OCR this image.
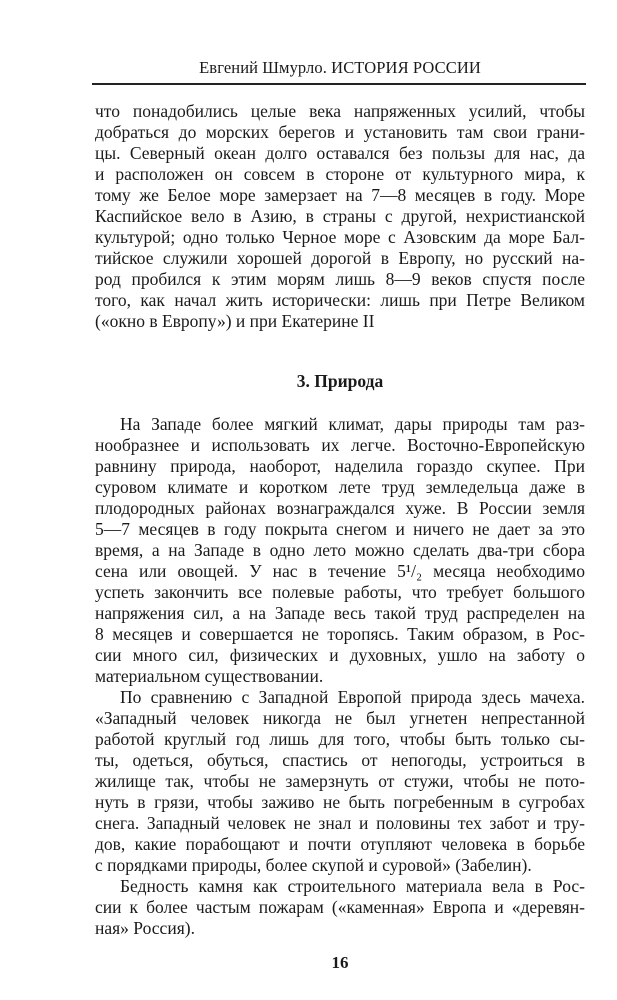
Евгений Шмурло. ИСТОРИЯ РОССИИ
что понадобились целые века напряженных усилий, чтобы
добраться до морских берегов и установить там свои грани-
цы. Северный океан долго оставался без пользы для нас, да
и расположен он совсем в стороне от культурного мира, к
тому же Белое море замерзает на 7—8 месяцев в году. Море
Каспийское вело в Азию, в страны с другой, нехристианской
культурой; одно только Черное море с Азовским да море Бал-
тийское служили хорошей дорогой в Европу, но русский на-
род пробился к этим морям лишь 8—9 веков спустя после
того, как начал жить исторически: лишь при Петре Великом
(«окно в Европу») и при Екатерине II
3. Природа
На Западе более мягкий климат, дары природы там раз-
нообразнее и использовать их легче. Восточно-Европейскую
равнину природа, наоборот, наделила гораздо скупее. При
суровом климате и коротком лете труд земледельца даже в
плодородных районах вознаграждался хуже. В России земля
5—7 месяцев в году покрыта снегом и ничего не дает за это
время, а на Западе в одно лето можно сделать два-три сбора
сена или овощей. У нас в течение 5¹/₂ месяца необходимо
успеть закончить все полевые работы, что требует большого
напряжения сил, а на Западе весь такой труд распределен на
8 месяцев и совершается не торопясь. Таким образом, в Рос-
сии много сил, физических и духовных, ушло на заботу о
материальном существовании.
По сравнению с Западной Европой природа здесь мачеха.
«Западный человек никогда не был угнетен непрестанной
работой круглый год лишь для того, чтобы быть только сы-
ты, одеться, обуться, спастись от непогоды, устроиться в
жилище так, чтобы не замерзнуть от стужи, чтобы не пото-
нуть в грязи, чтобы заживо не быть погребенным в сугробах
снега. Западный человек не знал и половины тех забот и тру-
дов, какие порабощают и почти отупляют человека в борьбе
с порядками природы, более скупой и суровой» (Забелин).
Бедность камня как строительного материала вела в Рос-
сии к более частым пожарам («каменная» Европа и «деревян-
ная» Россия).
16
